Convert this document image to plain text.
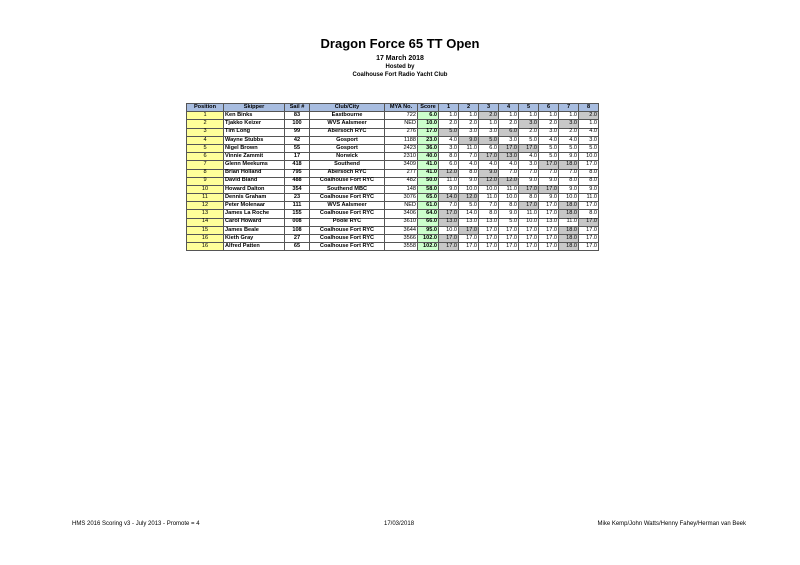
Dragon Force 65 TT Open
17 March 2018
Hosted by
Coalhouse Fort Radio Yacht Club
Position	Skipper	Sail #	Club/City	MYA No.	Score	1	2	3	4	5	6	7	8
1	Ken Binks	83	Eastbourne	722	6.0	1.0	1.0	2.0	1.0	1.0	1.0	1.0	2.0
2	Tjakko Keizer	100	WVS Aalsmeer	NED	10.0	2.0	2.0	1.0	2.0	3.0	2.0	3.0	1.0
3	Tim Long	99	Abersoch RYC	276	17.0	5.0	3.0	3.0	6.0	2.0	3.0	2.0	4.0
4	Wayne Stubbs	42	Gosport	1188	23.0	4.0	9.0	5.0	3.0	5.0	4.0	4.0	3.0
5	Nigel Brown	55	Gosport	2423	36.0	3.0	11.0	6.0	17.0	17.0	5.0	5.0	5.0
6	Vinnie Zammit	17	Norwick	2310	40.0	8.0	7.0	17.0	13.0	4.0	5.0	9.0	10.0
7	Glenn Meekums	418	Southend	3409	41.0	6.0	4.0	4.0	4.0	3.0	17.0	18.0	17.0
8	Brian Holland	795	Abersoch RYC	277	41.0	12.0	8.0	9.0	7.0	7.0	7.0	7.0	8.0
9	David Bland	488	Coalhouse Fort RYC	482	50.0	11.0	9.0	12.0	12.0	9.0	9.0	8.0	8.0
10	Howard Dalton	354	Southend MBC	148	58.0	9.0	10.0	10.0	11.0	17.0	17.0	9.0	9.0
11	Dennis Graham	23	Coalhouse Fort RYC	3076	65.0	14.0	12.0	11.0	10.0	8.0	9.0	10.0	11.0
12	Peter Molenaar	111	WVS Aalsmeer	NED	61.0	7.0	5.0	7.0	8.0	17.0	17.0	18.0	17.0
13	James La Roche	155	Coalhouse Fort RYC	3406	64.0	17.0	14.0	8.0	9.0	11.0	17.0	18.0	8.0
14	Carol Howard	008	Poole RYC	3610	66.0	13.0	13.0	13.0	5.0	10.0	13.0	11.0	17.0
15	James Beale	108	Coalhouse Fort RYC	3644	95.0	10.0	17.0	17.0	17.0	17.0	17.0	18.0	17.0
16	Kieth Gray	27	Coalhouse Fort RYC	3566	102.0	17.0	17.0	17.0	17.0	17.0	17.0	18.0	17.0
16	Alfred Patten	65	Coalhouse Fort RYC	3558	102.0	17.0	17.0	17.0	17.0	17.0	17.0	18.0	17.0
HMS 2016 Scoring v3 - July 2013 - Promote = 4	17/03/2018	Mike Kemp/John Watts/Henny Fahey/Herman van Beek
